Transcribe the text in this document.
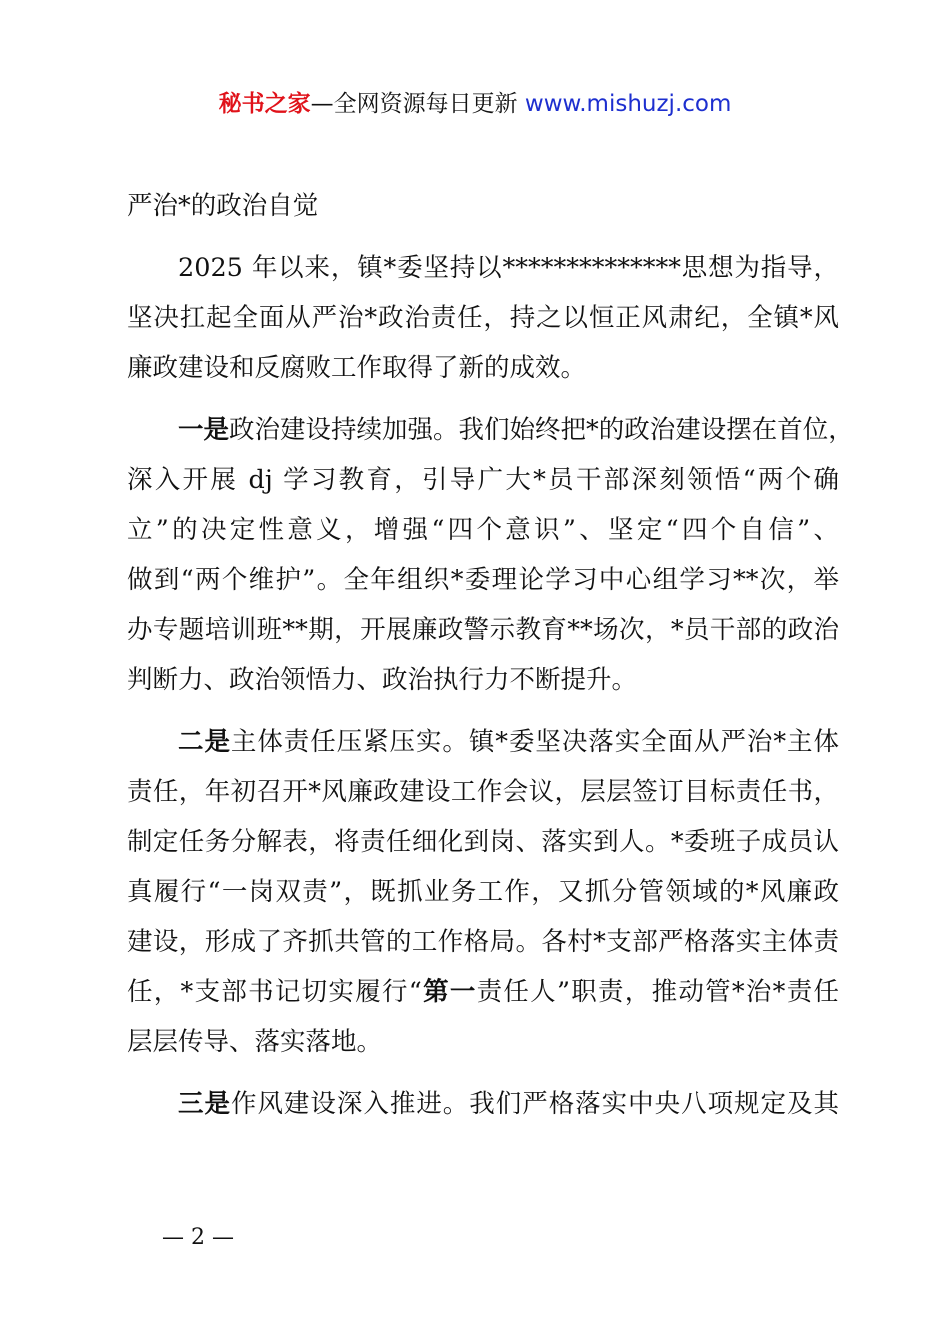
秘书之家—全网资源每日更新 www.mishuzj.com
严治*的政治自觉
2025 年以来，镇*委坚持以**************思想为指导，
坚决扛起全面从严治*政治责任，持之以恒正风肃纪，全镇*风
廉政建设和反腐败工作取得了新的成效。
一是政治建设持续加强。我们始终把*的政治建设摆在首位，
深入开展 dj 学习教育，引导广大*员干部深刻领悟“两个确
立”的决定性意义，增强“四个意识”、坚定“四个自信”、
做到“两个维护”。全年组织*委理论学习中心组学习**次，举
办专题培训班**期，开展廉政警示教育**场次，*员干部的政治
判断力、政治领悟力、政治执行力不断提升。
二是主体责任压紧压实。镇*委坚决落实全面从严治*主体
责任，年初召开*风廉政建设工作会议，层层签订目标责任书，
制定任务分解表，将责任细化到岗、落实到人。*委班子成员认
真履行“一岗双责”，既抓业务工作，又抓分管领域的*风廉政
建设，形成了齐抓共管的工作格局。各村*支部严格落实主体责
任，*支部书记切实履行“第一责任人”职责，推动管*治*责任
层层传导、落实落地。
三是作风建设深入推进。我们严格落实中央八项规定及其
— 2 —
